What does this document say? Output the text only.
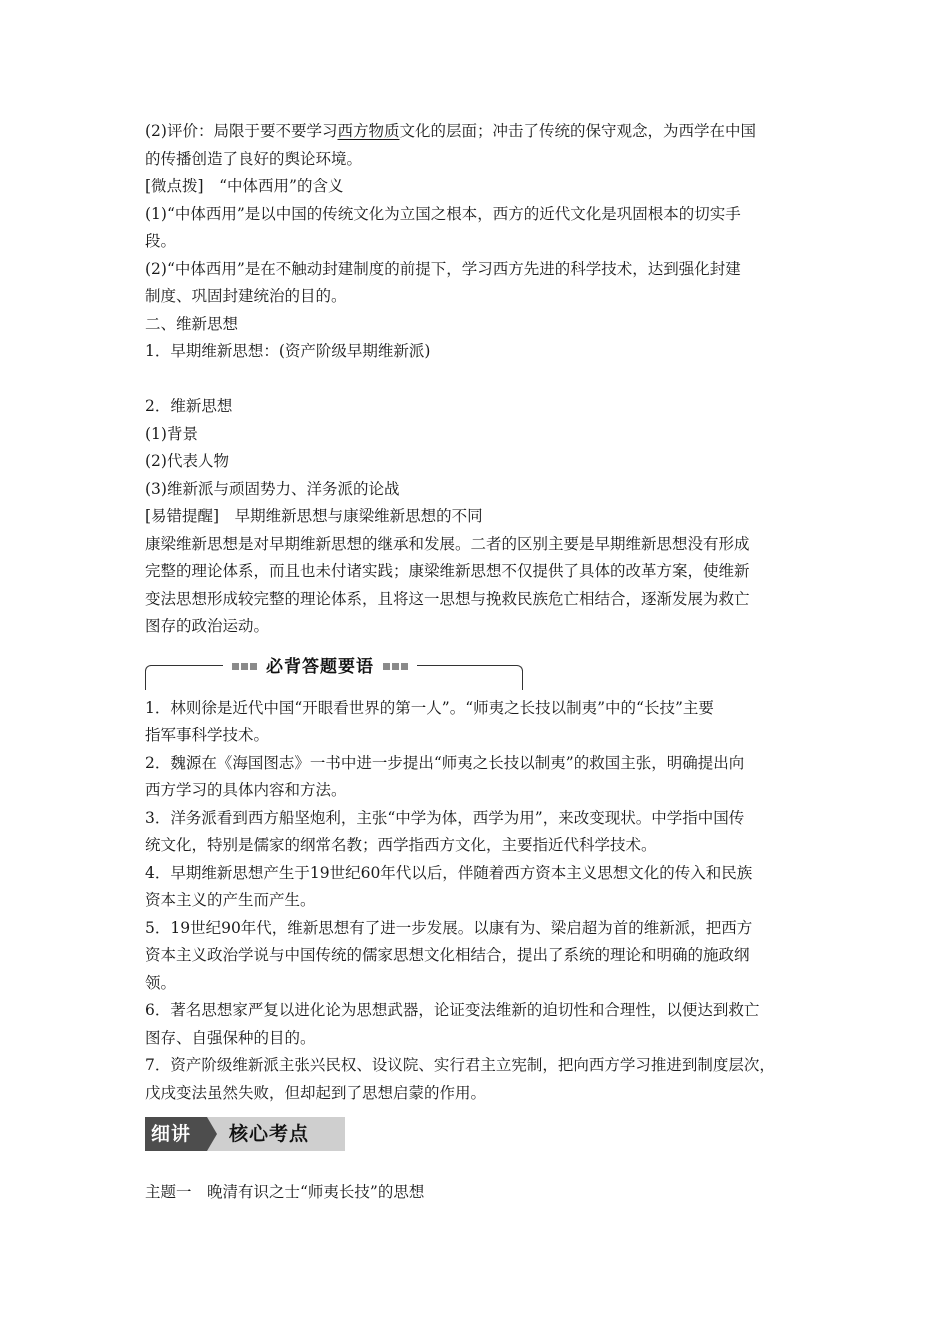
(2)评价：局限于要不要学习西方物质文化的层面；冲击了传统的保守观念，为西学在中国
的传播创造了良好的舆论环境。
[微点拨]　“中体西用”的含义
(1)“中体西用”是以中国的传统文化为立国之根本，西方的近代文化是巩固根本的切实手
段。
(2)“中体西用”是在不触动封建制度的前提下，学习西方先进的科学技术，达到强化封建
制度、巩固封建统治的目的。
二、维新思想
1．早期维新思想：(资产阶级早期维新派)
2．维新思想
(1)背景
(2)代表人物
(3)维新派与顽固势力、洋务派的论战
[易错提醒]　早期维新思想与康梁维新思想的不同
康梁维新思想是对早期维新思想的继承和发展。二者的区别主要是早期维新思想没有形成
完整的理论体系，而且也未付诸实践；康梁维新思想不仅提供了具体的改革方案，使维新
变法思想形成较完整的理论体系，且将这一思想与挽救民族危亡相结合，逐渐发展为救亡
图存的政治运动。
必背答题要语
1．林则徐是近代中国“开眼看世界的第一人”。“师夷之长技以制夷”中的“长技”主要
指军事科学技术。
2．魏源在《海国图志》一书中进一步提出“师夷之长技以制夷”的救国主张，明确提出向
西方学习的具体内容和方法。
3．洋务派看到西方船坚炮利，主张“中学为体，西学为用”，来改变现状。中学指中国传
统文化，特别是儒家的纲常名教；西学指西方文化，主要指近代科学技术。
4．早期维新思想产生于19世纪60年代以后，伴随着西方资本主义思想文化的传入和民族
资本主义的产生而产生。
5．19世纪90年代，维新思想有了进一步发展。以康有为、梁启超为首的维新派，把西方
资本主义政治学说与中国传统的儒家思想文化相结合，提出了系统的理论和明确的施政纲
领。
6．著名思想家严复以进化论为思想武器，论证变法维新的迫切性和合理性，以便达到救亡
图存、自强保种的目的。
7．资产阶级维新派主张兴民权、设议院、实行君主立宪制，把向西方学习推进到制度层次，
戊戌变法虽然失败，但却起到了思想启蒙的作用。
核心考点
细讲
主题一　晚清有识之士“师夷长技”的思想
